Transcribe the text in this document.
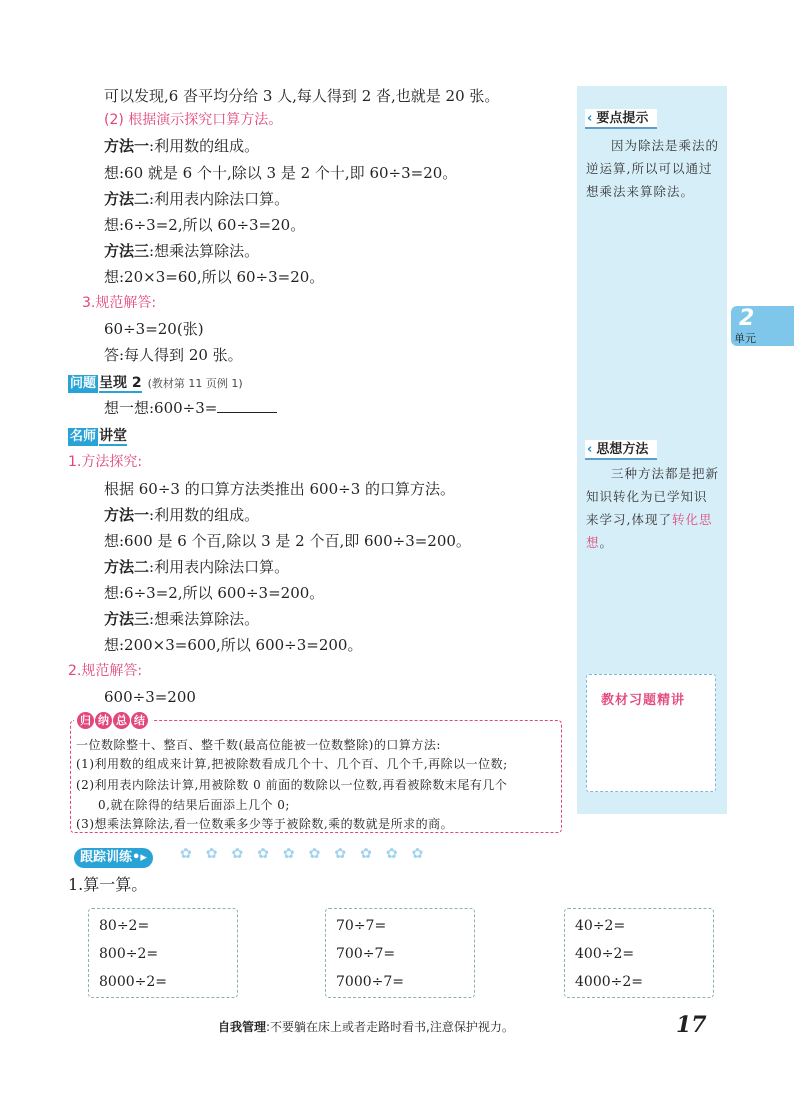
2
单元
‹ 要点提示

因为除法是乘法的逆运算,所以可以通过想乘法来算除法。

‹ 思想方法

三种方法都是把新知识转化为已学知识来学习,体现了转化思想。

教材习题精讲
可以发现,6 沓平均分给 3 人,每人得到 2 沓,也就是 20 张。
(2) 根据演示探究口算方法。
方法一:利用数的组成。
想:60 就是 6 个十,除以 3 是 2 个十,即 60÷3=20。
方法二:利用表内除法口算。
想:6÷3=2,所以 60÷3=20。
方法三:想乘法算除法。
想:20×3=60,所以 60÷3=20。
3.规范解答:
60÷3=20(张)
答:每人得到 20 张。
问题 呈现 2 (教材第 11 页例 1)
想一想:600÷3=
名师 讲堂
1.方法探究:
根据 60÷3 的口算方法类推出 600÷3 的口算方法。
方法一:利用数的组成。
想:600 是 6 个百,除以 3 是 2 个百,即 600÷3=200。
方法二:利用表内除法口算。
想:6÷3=2,所以 600÷3=200。
方法三:想乘法算除法。
想:200×3=600,所以 600÷3=200。
2.规范解答:
600÷3=200
归 纳 总 结
一位数除整十、整百、整千数(最高位能被一位数整除)的口算方法:
(1)利用数的组成来计算,把被除数看成几个十、几个百、几个千,再除以一位数;
(2)利用表内除法计算,用被除数 0 前面的数除以一位数,再看被除数末尾有几个
0,就在除得的结果后面添上几个 0;
(3)想乘法算除法,看一位数乘多少等于被除数,乘的数就是所求的商。
跟踪训练•▸	✿✿✿✿✿✿✿✿✿✿
1.算一算。
80÷2=
800÷2=
8000÷2=
70÷7=
700÷7=
7000÷7=
40÷2=
400÷2=
4000÷2=
自我管理:不要躺在床上或者走路时看书,注意保护视力。	17
